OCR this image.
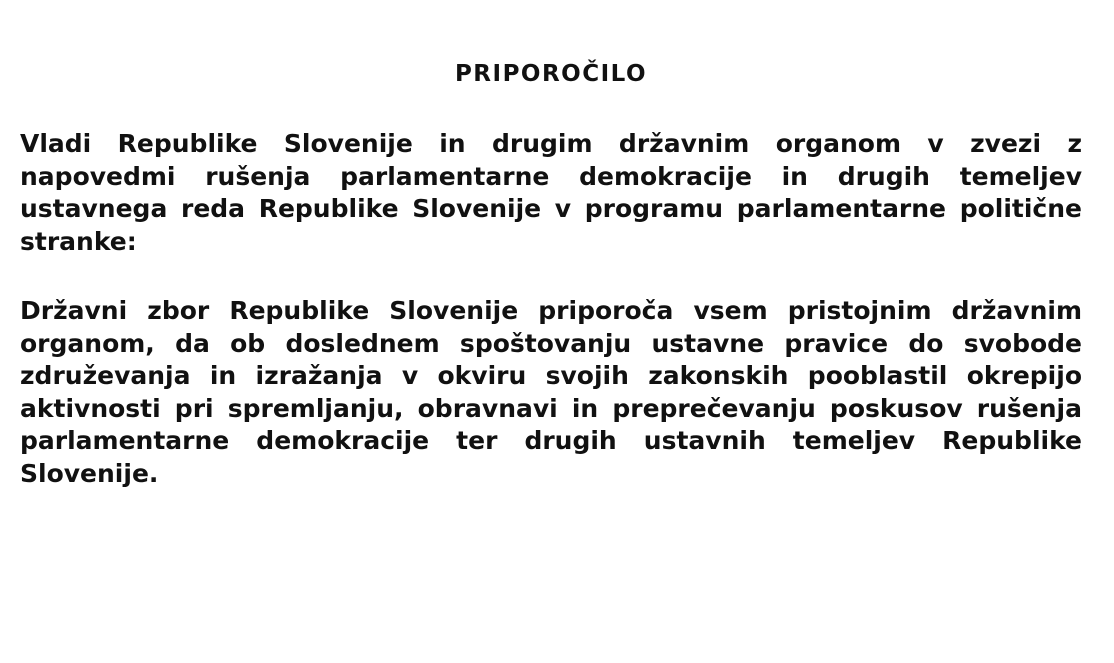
PRIPOROČILO

Vladi Republike Slovenije in drugim državnim organom v zvezi z napovedmi rušenja parlamentarne demokracije in drugih temeljev ustavnega reda Republike Slovenije v programu parlamentarne politične stranke:

Državni zbor Republike Slovenije priporoča vsem pristojnim državnim organom, da ob doslednem spoštovanju ustavne pravice do svobode združevanja in izražanja v okviru svojih zakonskih pooblastil okrepijo aktivnosti pri spremljanju, obravnavi in preprečevanju poskusov rušenja parlamentarne demokracije ter drugih ustavnih temeljev Republike Slovenije.
